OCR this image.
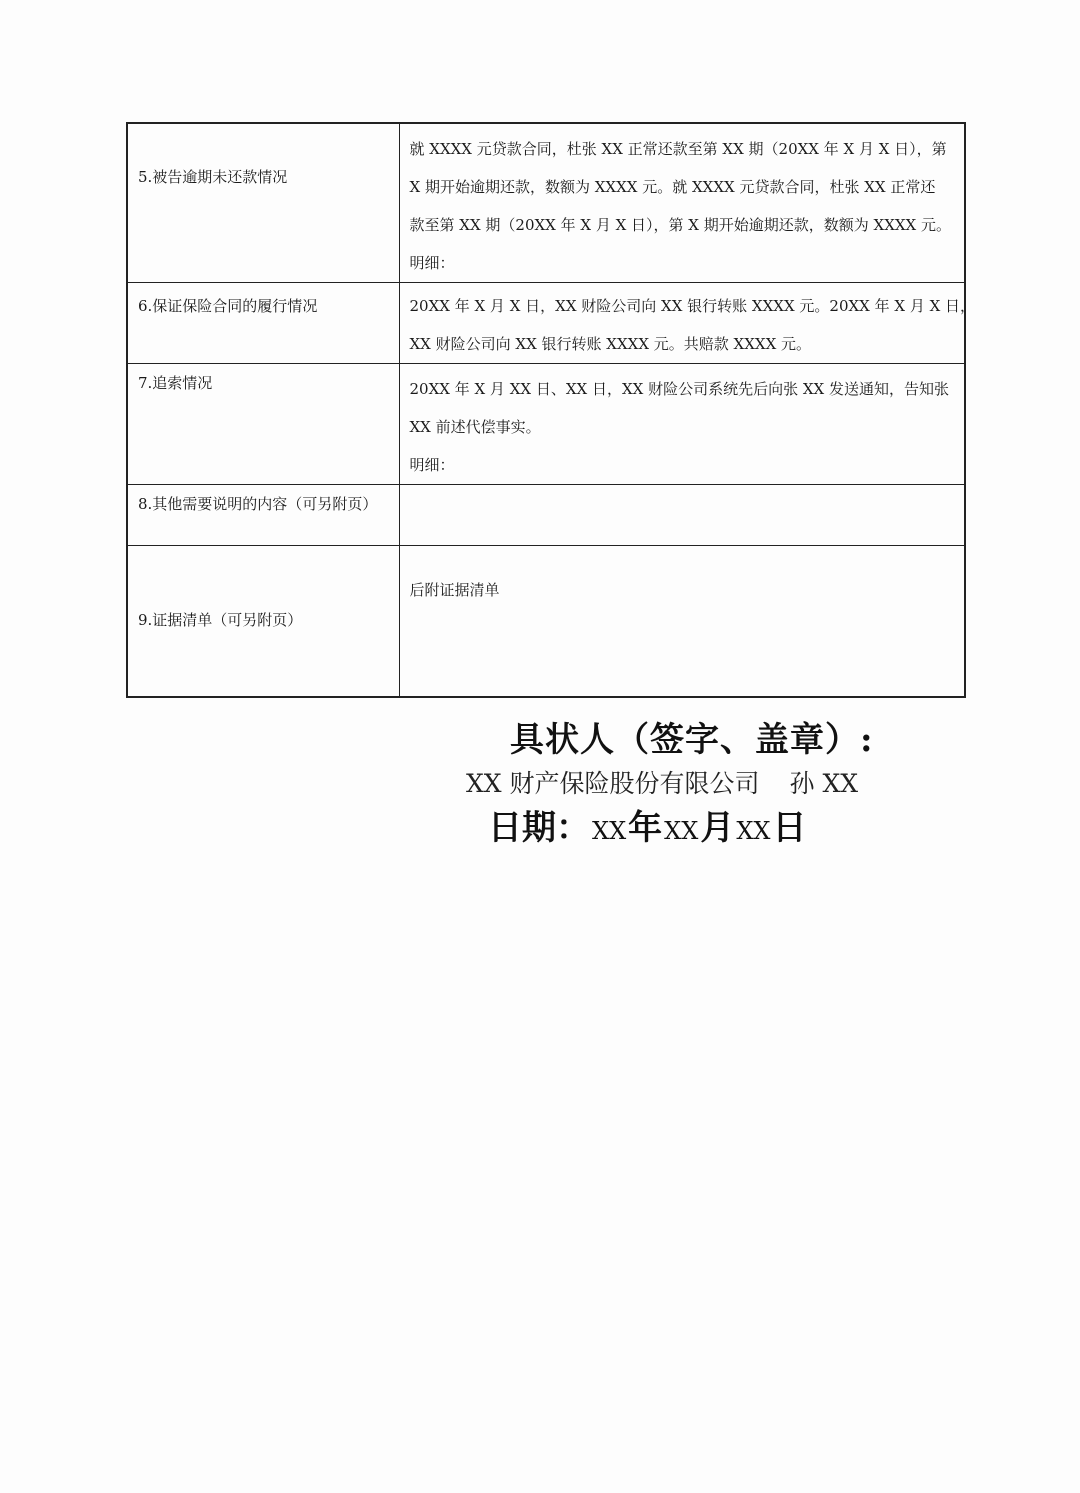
5.被告逾期未还款情况	就 XXXX 元贷款合同，杜张 XX 正常还款至第 XX 期（20XX 年 X 月 X 日），第
X 期开始逾期还款，数额为 XXXX 元。就 XXXX 元贷款合同，杜张 XX 正常还
款至第 XX 期（20XX 年 X 月 X 日），第 X 期开始逾期还款，数额为 XXXX 元。
明细：

6.保证保险合同的履行情况	20XX 年 X 月 X 日，XX 财险公司向 XX 银行转账 XXXX 元。20XX 年 X 月 X 日，
XX 财险公司向 XX 银行转账 XXXX 元。共赔款 XXXX 元。

7.追索情况	20XX 年 X 月 XX 日、XX 日，XX 财险公司系统先后向张 XX 发送通知，告知张
XX 前述代偿事实。
明细：

8.其他需要说明的内容（可另附页）	

9.证据清单（可另附页）	后附证据清单
具状人（签字、盖章）:
XX 财产保险股份有限公司 孙 XX
日期：XX年XX月XX日
